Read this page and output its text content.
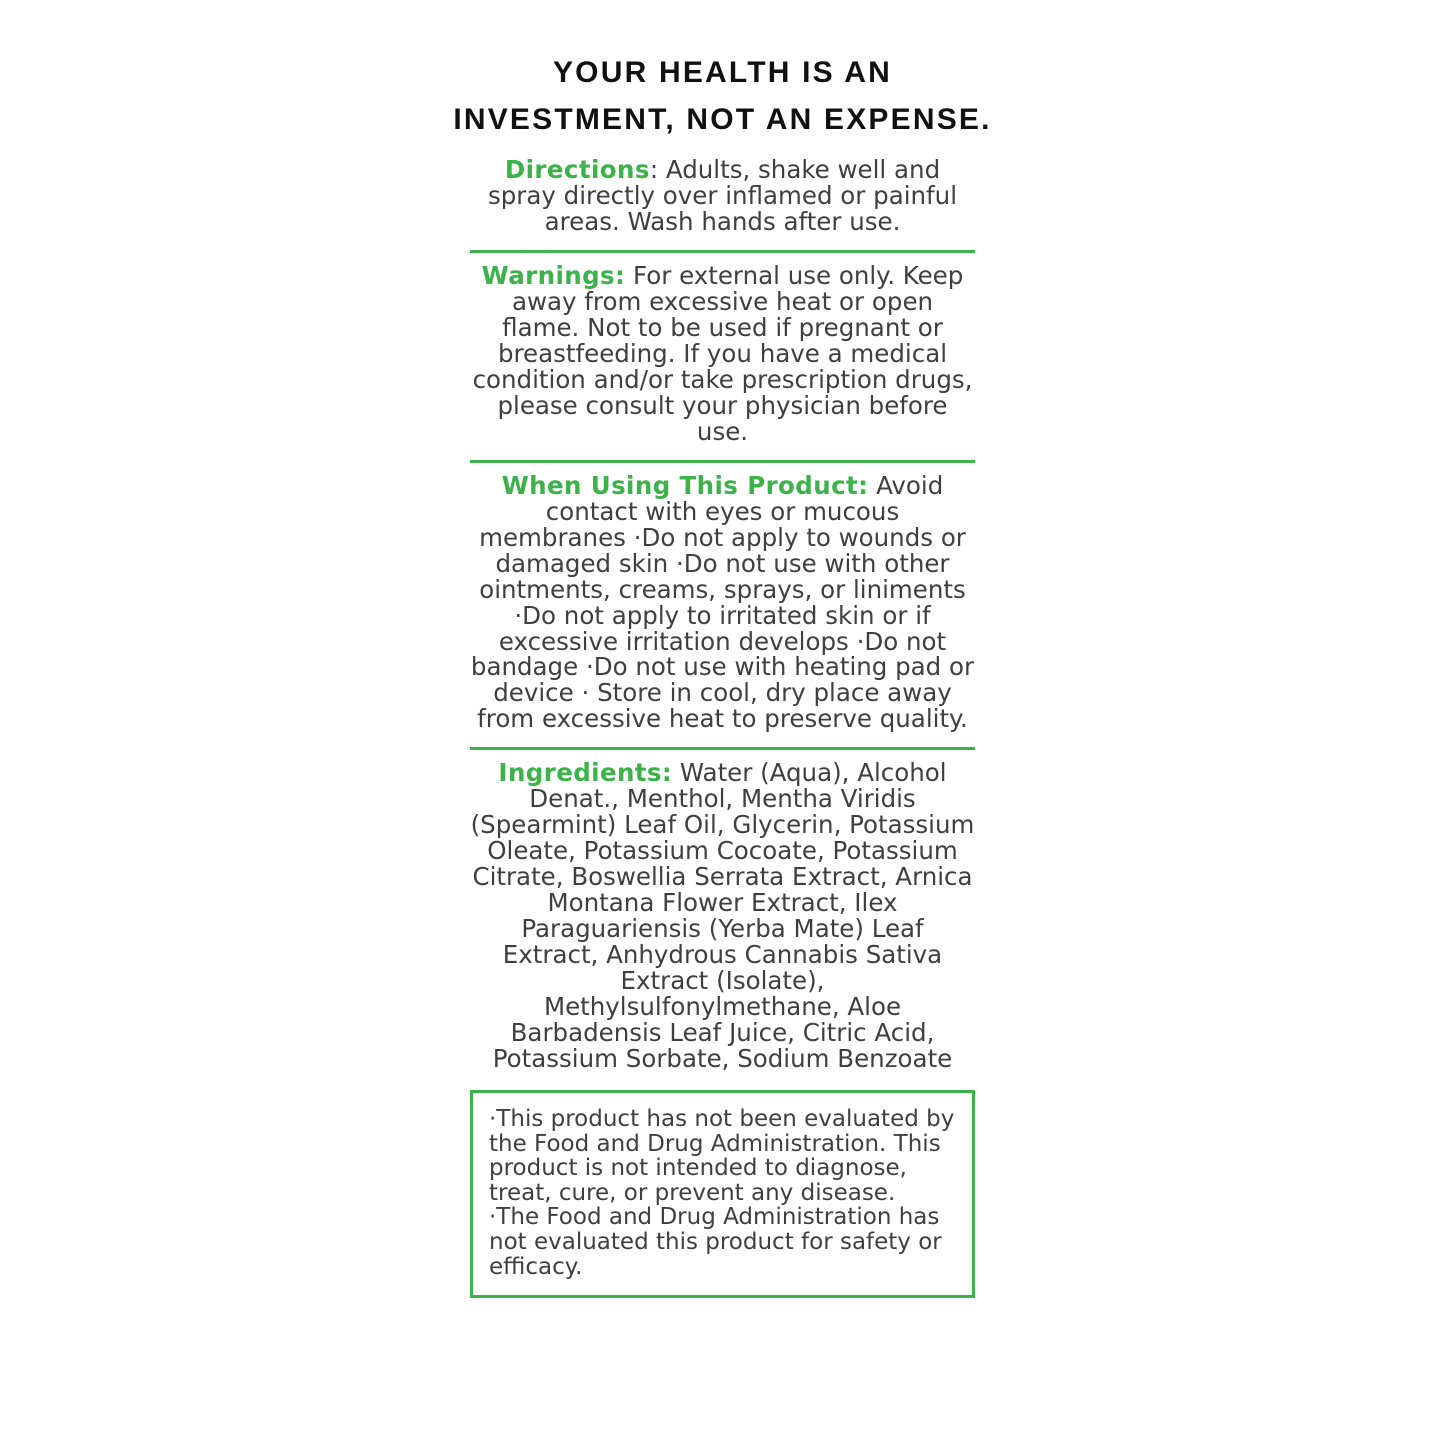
YOUR HEALTH IS AN
INVESTMENT, NOT AN EXPENSE.

Directions: Adults, shake well and spray directly over inflamed or painful areas. Wash hands after use.

Warnings: For external use only. Keep away from excessive heat or open flame. Not to be used if pregnant or breastfeeding. If you have a medical condition and/or take prescription drugs, please consult your physician before use.

When Using This Product: Avoid contact with eyes or mucous membranes ·Do not apply to wounds or damaged skin ·Do not use with other ointments, creams, sprays, or liniments ·Do not apply to irritated skin or if excessive irritation develops ·Do not bandage ·Do not use with heating pad or device · Store in cool, dry place away from excessive heat to preserve quality.

Ingredients: Water (Aqua), Alcohol Denat., Menthol, Mentha Viridis (Spearmint) Leaf Oil, Glycerin, Potassium Oleate, Potassium Cocoate, Potassium Citrate, Boswellia Serrata Extract, Arnica Montana Flower Extract, Ilex Paraguariensis (Yerba Mate) Leaf Extract, Anhydrous Cannabis Sativa Extract (Isolate), Methylsulfonylmethane, Aloe Barbadensis Leaf Juice, Citric Acid, Potassium Sorbate, Sodium Benzoate

·This product has not been evaluated by the Food and Drug Administration. This product is not intended to diagnose, treat, cure, or prevent any disease.

·The Food and Drug Administration has not evaluated this product for safety or efficacy.
